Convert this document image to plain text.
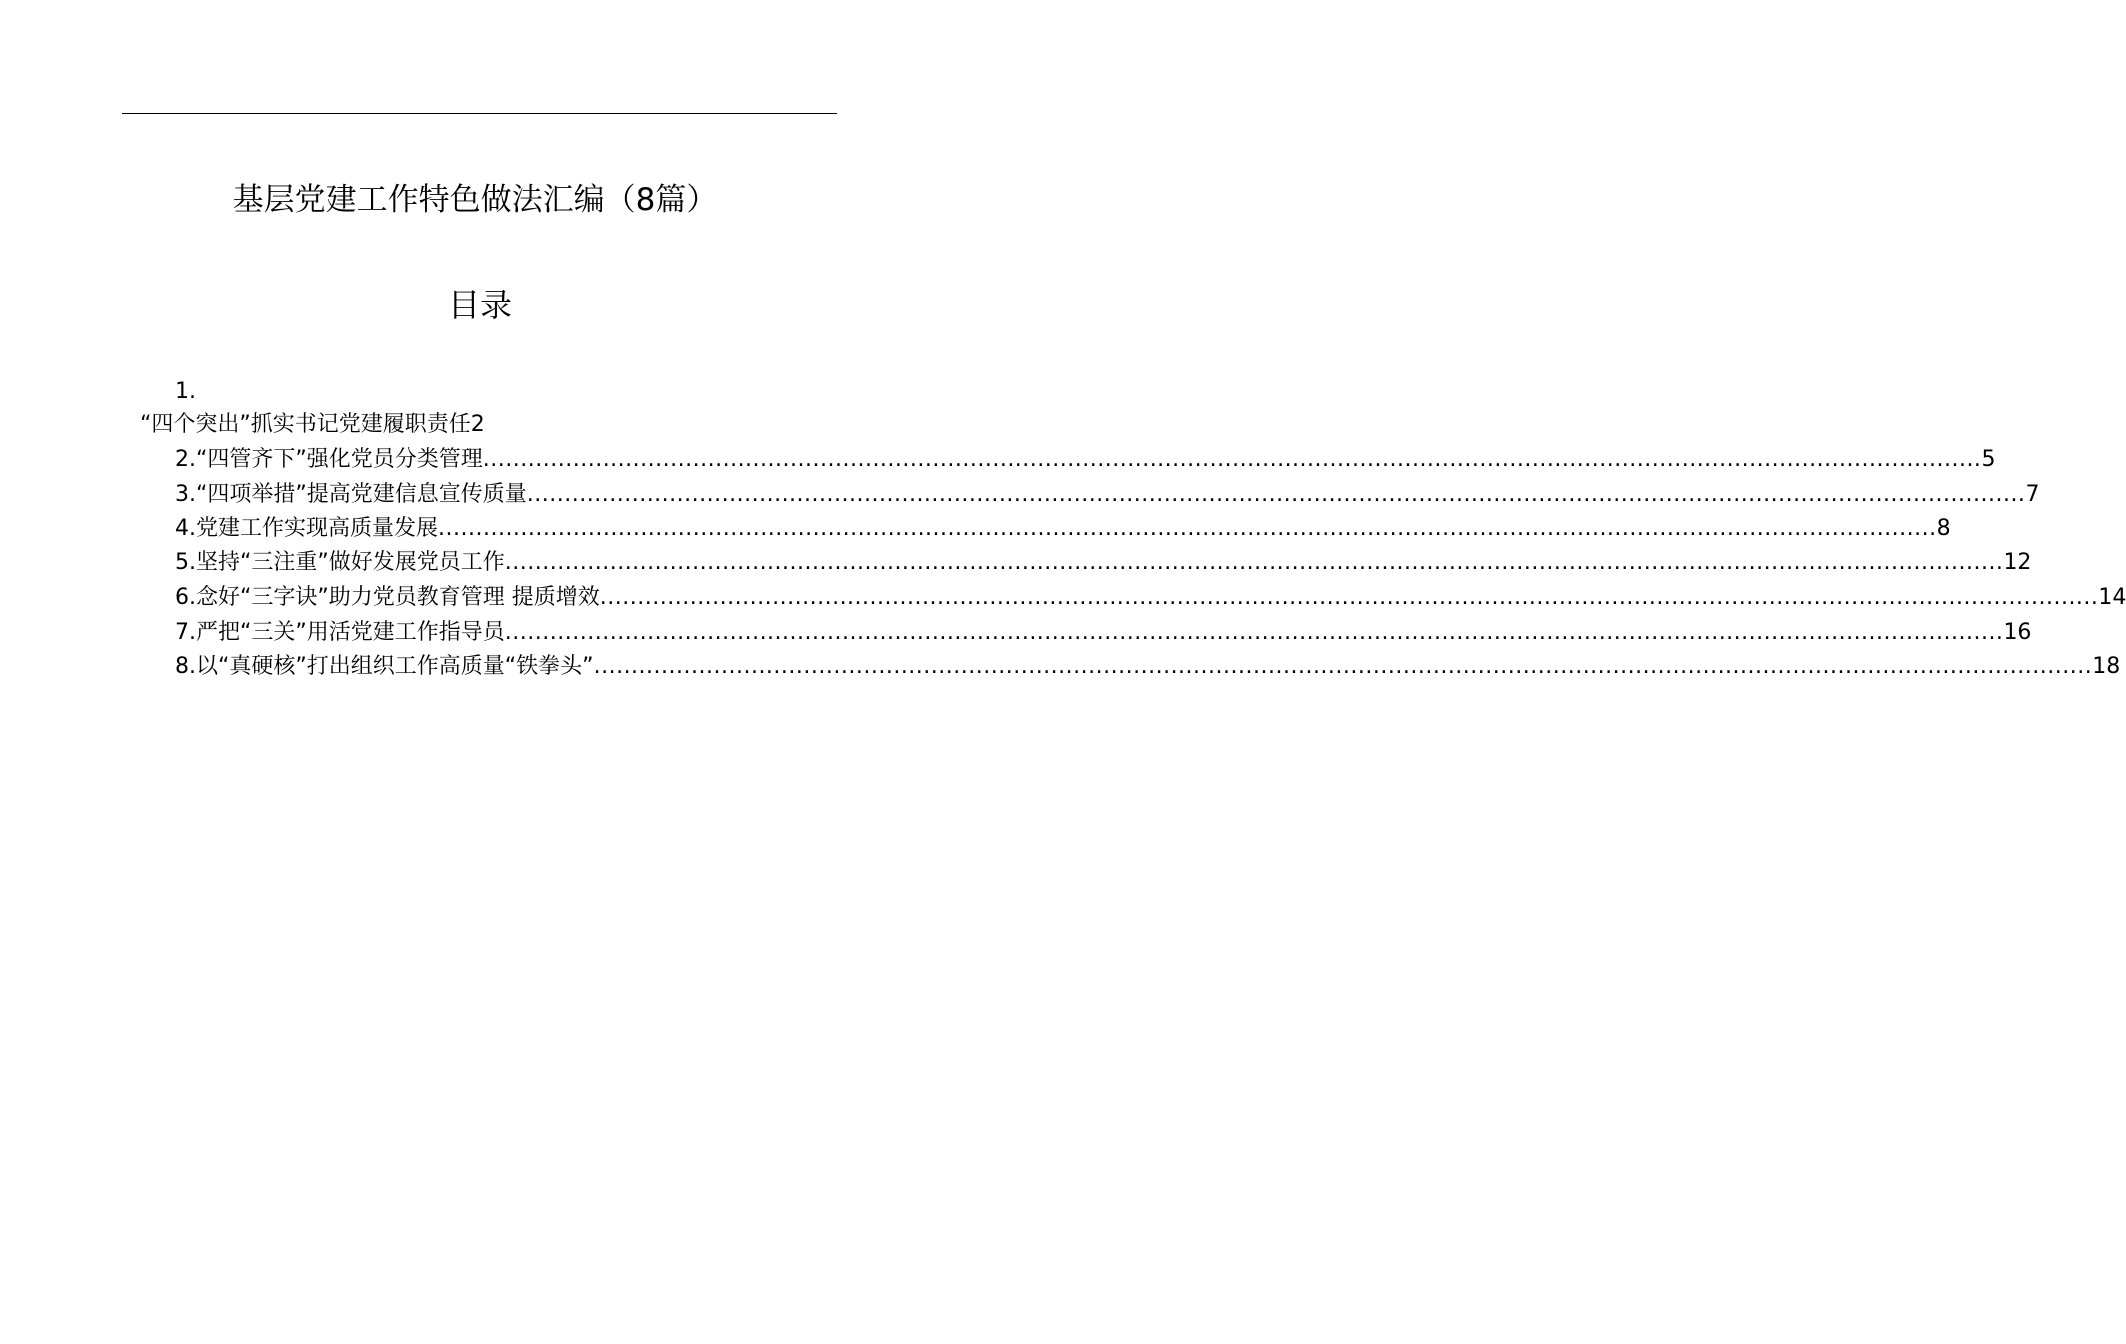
基层党建工作特色做法汇编（8篇）
目录
1.
“四个突出”抓实书记党建履职责任2
2.“四管齐下”强化党员分类管理 ........................................................................................................................................................................................................ 5
3.“四项举措”提高党建信息宣传质量 ........................................................................................................................................................................................................ 7
4.党建工作实现高质量发展 ........................................................................................................................................................................................................ 8
5.坚持“三注重”做好发展党员工作 ........................................................................................................................................................................................................ 12
6.念好“三字诀”助力党员教育管理 提质增效 ........................................................................................................................................................................................................ 14
7.严把“三关”用活党建工作指导员 ........................................................................................................................................................................................................ 16
8.以“真硬核”打出组织工作高质量“铁拳头” ........................................................................................................................................................................................................ 18
